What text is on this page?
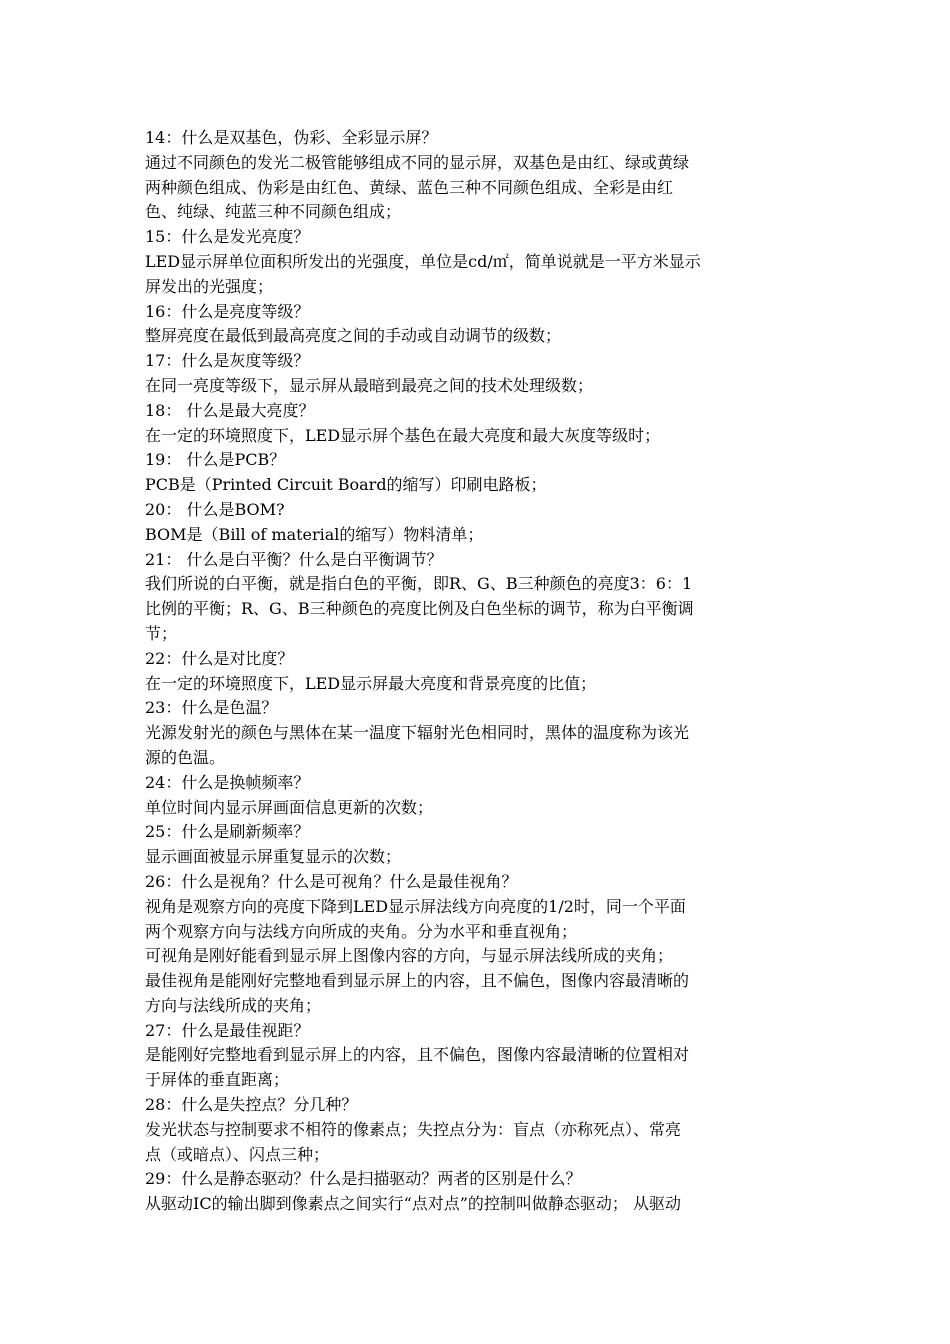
14：什么是双基色，伪彩、全彩显示屏？
通过不同颜色的发光二极管能够组成不同的显示屏，双基色是由红、绿或黄绿
两种颜色组成、伪彩是由红色、黄绿、蓝色三种不同颜色组成、全彩是由红
色、纯绿、纯蓝三种不同颜色组成；
15：什么是发光亮度？
LED显示屏单位面积所发出的光强度，单位是cd/㎡，简单说就是一平方米显示
屏发出的光强度；
16：什么是亮度等级？
整屏亮度在最低到最高亮度之间的手动或自动调节的级数；
17：什么是灰度等级？
在同一亮度等级下，显示屏从最暗到最亮之间的技术处理级数；
18： 什么是最大亮度？
在一定的环境照度下，LED显示屏个基色在最大亮度和最大灰度等级时；
19： 什么是PCB？
PCB是（Printed Circuit Board的缩写）印刷电路板；
20： 什么是BOM?
BOM是（Bill of material的缩写）物料清单；
21： 什么是白平衡？什么是白平衡调节？
我们所说的白平衡，就是指白色的平衡，即R、G、B三种颜色的亮度3：6：1
比例的平衡；R、G、B三种颜色的亮度比例及白色坐标的调节，称为白平衡调
节；
22：什么是对比度？
在一定的环境照度下，LED显示屏最大亮度和背景亮度的比值；
23：什么是色温？
光源发射光的颜色与黑体在某一温度下辐射光色相同时，黑体的温度称为该光
源的色温。
24：什么是换帧频率？
单位时间内显示屏画面信息更新的次数；
25：什么是刷新频率？
显示画面被显示屏重复显示的次数；
26：什么是视角？什么是可视角？什么是最佳视角？
视角是观察方向的亮度下降到LED显示屏法线方向亮度的1/2时，同一个平面
两个观察方向与法线方向所成的夹角。分为水平和垂直视角；
可视角是刚好能看到显示屏上图像内容的方向，与显示屏法线所成的夹角；
最佳视角是能刚好完整地看到显示屏上的内容，且不偏色，图像内容最清晰的
方向与法线所成的夹角；
27：什么是最佳视距？
是能刚好完整地看到显示屏上的内容，且不偏色，图像内容最清晰的位置相对
于屏体的垂直距离；
28：什么是失控点？分几种？
发光状态与控制要求不相符的像素点；失控点分为：盲点（亦称死点）、常亮
点（或暗点）、闪点三种；
29：什么是静态驱动？什么是扫描驱动？两者的区别是什么？
从驱动IC的输出脚到像素点之间实行“点对点”的控制叫做静态驱动； 从驱动
